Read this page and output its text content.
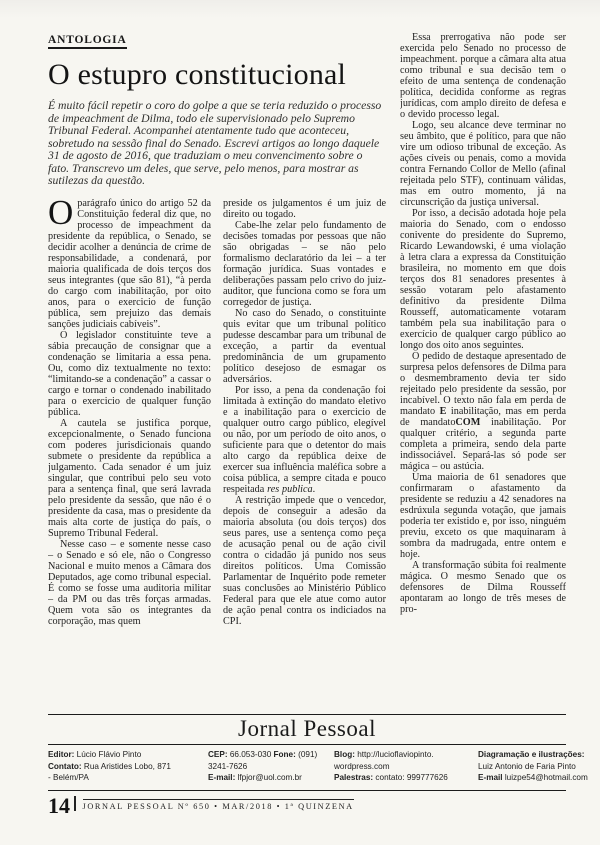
ANTOLOGIA
O estupro constitucional

É muito fácil repetir o coro do golpe a que se teria reduzido o processo de impeachment de Dilma, todo ele supervisionado pelo Supremo Tribunal Federal. Acompanhei atentamente tudo que aconteceu, sobretudo na sessão final do Senado. Escrevi artigos ao longo daquele 31 de agosto de 2016, que traduziam o meu convencimento sobre o fato. Transcrevo um deles, que serve, pelo menos, para mostrar as sutilezas da questão.

Oparágrafo único do artigo 52 da Constituição federal diz que, no processo de impeachment da presidente da república, o Senado, se decidir acolher a denúncia de crime de responsabilidade, a condenará, por maioria qualificada de dois terços dos seus integrantes (que são 81), “à perda do cargo com inabilitação, por oito anos, para o exercicio de função pública, sem prejuizo das demais sanções judiciais cabíveis”.

O legislador constituinte teve a sábia precaução de consignar que a condenação se limitaria a essa pena. Ou, como diz textualmente no texto: “limitando-se a condenação” a cassar o cargo e tornar o condenado inabilitado para o exercicio de qualquer função pública.

A cautela se justifica porque, excepcionalmente, o Senado funciona com poderes jurisdicionais quando submete o presidente da república a julgamento. Cada senador é um juiz singular, que contribui pelo seu voto para a sentença final, que será lavrada pelo presidente da sessão, que não é o presidente da casa, mas o presidente da mais alta corte de justiça do país, o Supremo Tribunal Federal.

Nesse caso – e somente nesse caso – o Senado e só ele, não o Congresso Nacional e muito menos a Câmara dos Deputados, age como tribunal especial. É como se fosse uma auditoria militar – da PM ou das três forças armadas. Quem vota são os integrantes da corporação, mas quem

preside os julgamentos é um juiz de direito ou togado.

Cabe-lhe zelar pelo fundamento de decisões tomadas por pessoas que não são obrigadas – se não pelo formalismo declaratório da lei – a ter formação jurídica. Suas vontades e deliberações passam pelo crivo do juiz-auditor, que funciona como se fora um corregedor de justiça.

No caso do Senado, o constituinte quis evitar que um tribunal político pudesse descambar para um tribunal de exceção, a partir da eventual predominância de um grupamento político desejoso de esmagar os adversários.

Por isso, a pena da condenação foi limitada à extinção do mandato eletivo e a inabilitação para o exercicio de qualquer outro cargo público, elegível ou não, por um período de oito anos, o suficiente para que o detentor do mais alto cargo da república deixe de exercer sua influência maléfica sobre a coisa pública, a sempre citada e pouco respeitada res publica.

A restrição impede que o vencedor, depois de conseguir a adesão da maioria absoluta (ou dois terços) dos seus pares, use a sentença como peça de acusação penal ou de ação civil contra o cidadão já punido nos seus direitos políticos. Uma Comissão Parlamentar de Inquérito pode remeter suas conclusões ao Ministério Público Federal para que ele atue como autor de ação penal contra os indiciados na CPI.

Essa prerrogativa não pode ser exercida pelo Senado no processo de impeachment. porque a câmara alta atua como tribunal e sua decisão tem o efeito de uma sentença de condenação política, decidida conforme as regras jurídicas, com amplo direito de defesa e o devido processo legal.

Logo, seu alcance deve terminar no seu âmbito, que é político, para que não vire um odioso tribunal de exceção. As ações cíveis ou penais, como a movida contra Fernando Collor de Mello (afinal rejeitada pelo STF), continuam válidas, mas em outro momento, já na circunscrição da justiça universal.

Por isso, a decisão adotada hoje pela maioria do Senado, com o endosso conivente do presidente do Supremo, Ricardo Lewandowski, é uma violação à letra clara a expressa da Constituição brasileira, no momento em que dois terços dos 81 senadores presentes à sessão votaram pelo afastamento definitivo da presidente Dilma Rousseff, automaticamente votaram também pela sua inabilitação para o exercício de qualquer cargo público ao longo dos oito anos seguintes.

O pedido de destaque apresentado de surpresa pelos defensores de Dilma para o desmembramento devia ter sido rejeitado pelo presidente da sessão, por incabível. O texto não fala em perda de mandato E inabilitação, mas em perda de mandatoCOM inabilitação. Por qualquer critério, a segunda parte completa a primeira, sendo dela parte indissociável. Separá-las só pode ser mágica – ou astúcia.

Uma maioria de 61 senadores que confirmaram o afastamento da presidente se reduziu a 42 senadores na esdrúxula segunda votação, que jamais poderia ter existido e, por isso, ninguém previu, exceto os que maquinaram à sombra da madrugada, entre ontem e hoje.

A transformação súbita foi realmente mágica. O mesmo Senado que os defensores de Dilma Rousseff apontaram ao longo de três meses de pro-

Jornal Pessoal
Editor: Lúcio Flávio Pinto
Contato: Rua Aristides Lobo, 871
- Belém/PA
CEP: 66.053-030 Fone: (091)
3241-7626
E-mail: lfpjor@uol.com.br
Blog: http://lucioflaviopinto.
wordpress.com
Palestras: contato: 999777626
Diagramação e ilustrações:
Luiz Antonio de Faria Pinto
E-mail luizpe54@hotmail.com
14 JORNAL PESSOAL Nº 650 • MAR/2018 • 1ª QUINZENA
